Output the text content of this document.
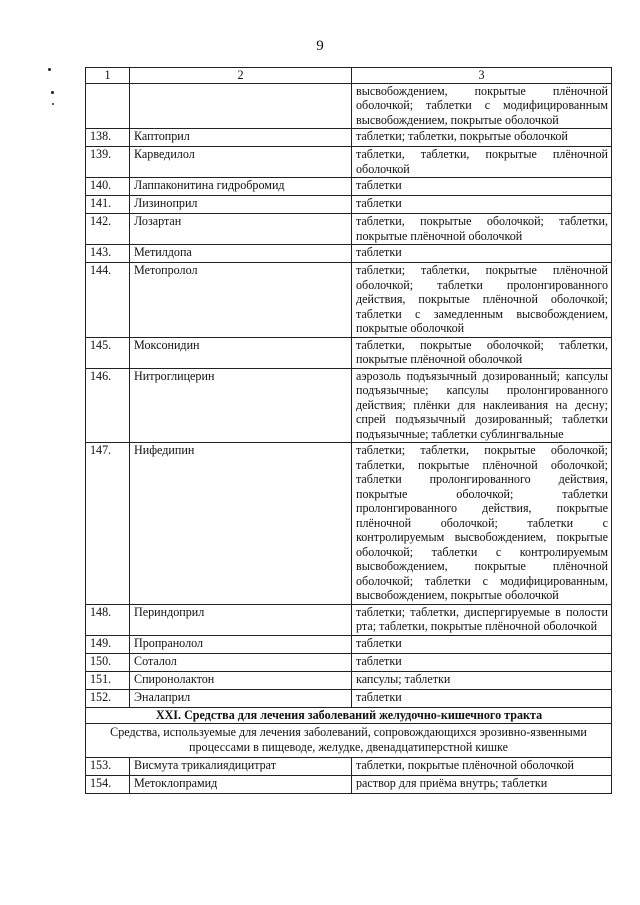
9
1	2	3
		высвобождением, покрытые плёночной оболочкой; таблетки с модифицированным высвобождением, покрытые оболочкой
138.	Каптоприл	таблетки; таблетки, покрытые оболочкой
139.	Карведилол	таблетки, таблетки, покрытые плёночной оболочкой
140.	Лаппаконитина гидробромид	таблетки
141.	Лизиноприл	таблетки
142.	Лозартан	таблетки, покрытые оболочкой; таблетки, покрытые плёночной оболочкой
143.	Метилдопа	таблетки
144.	Метопролол	таблетки; таблетки, покрытые плёночной оболочкой; таблетки пролонгированного действия, покрытые плёночной оболочкой; таблетки с замедленным высвобождением, покрытые оболочкой
145.	Моксонидин	таблетки, покрытые оболочкой; таблетки, покрытые плёночной оболочкой
146.	Нитроглицерин	аэрозоль подъязычный дозированный; капсулы подъязычные; капсулы пролонгированного действия; плёнки для наклеивания на десну; спрей подъязычный дозированный; таблетки подъязычные; таблетки сублингвальные
147.	Нифедипин	таблетки; таблетки, покрытые оболочкой; таблетки, покрытые плёночной оболочкой; таблетки пролонгированного действия, покрытые оболочкой; таблетки пролонгированного действия, покрытые плёночной оболочкой; таблетки с контролируемым высвобождением, покрытые оболочкой; таблетки с контролируемым высвобождением, покрытые плёночной оболочкой; таблетки с модифицированным, высвобождением, покрытые оболочкой
148.	Периндоприл	таблетки; таблетки, диспергируемые в полости рта; таблетки, покрытые плёночной оболочкой
149.	Пропранолол	таблетки
150.	Соталол	таблетки
151.	Спиронолактон	капсулы; таблетки
152.	Эналаприл	таблетки
XXI. Средства для лечения заболеваний желудочно-кишечного тракта		
Средства, используемые для лечения заболеваний, сопровождающихся эрозивно-язвенными процессами в пищеводе, желудке, двенадцатиперстной кишке		
153.	Висмута трикалиядицитрат	таблетки, покрытые плёночной оболочкой
154.	Метоклопрамид	раствор для приёма внутрь; таблетки
